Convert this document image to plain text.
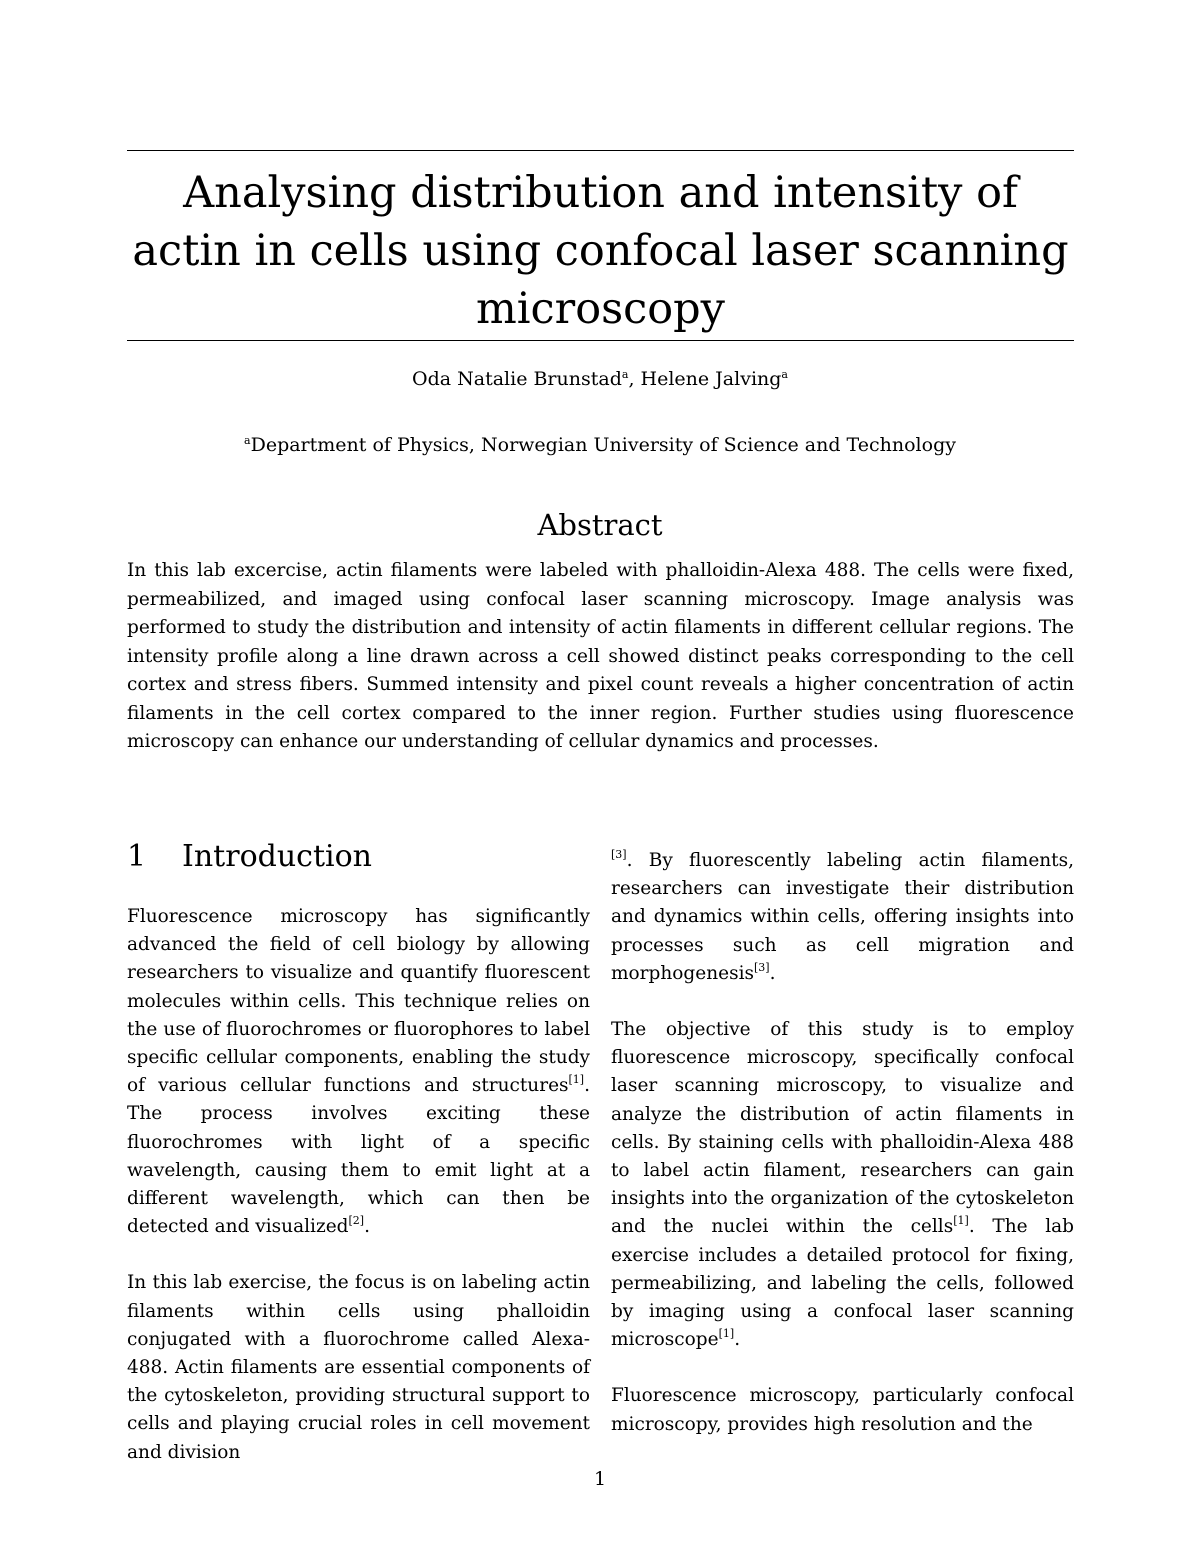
Analysing distribution and intensity of actin in cells using confocal laser scanning microscopy
Oda Natalie Brunstad$^a$, Helene Jalving$^a$
$^a$Department of Physics, Norwegian University of Science and Technology
Abstract

In this lab excercise, actin filaments were labeled with phalloidin-Alexa 488. The cells were fixed, permeabilized, and imaged using confocal laser scanning microscopy. Image analysis was performed to study the distribution and intensity of actin filaments in different cellular regions. The intensity profile along a line drawn across a cell showed distinct peaks corresponding to the cell cortex and stress fibers. Summed intensity and pixel count reveals a higher concentration of actin filaments in the cell cortex compared to the inner region. Further studies using fluorescence microscopy can enhance our understanding of cellular dynamics and processes.

1	Introduction

Fluorescence microscopy has significantly advanced the field of cell biology by allowing researchers to visualize and quantify fluorescent molecules within cells. This technique relies on the use of fluorochromes or fluorophores to label specific cellular components, enabling the study of various cellular functions and structures[1]. The process involves exciting these fluorochromes with light of a specific wavelength, causing them to emit light at a different wavelength, which can then be detected and visualized[2].

In this lab exercise, the focus is on labeling actin filaments within cells using phalloidin conjugated with a fluorochrome called Alexa-488. Actin filaments are essential components of the cytoskeleton, providing structural support to cells and playing crucial roles in cell movement and division

[3]. By fluorescently labeling actin filaments, researchers can investigate their distribution and dynamics within cells, offering insights into processes such as cell migration and morphogenesis[3].

The objective of this study is to employ fluorescence microscopy, specifically confocal laser scanning microscopy, to visualize and analyze the distribution of actin filaments in cells. By staining cells with phalloidin-Alexa 488 to label actin filament, researchers can gain insights into the organization of the cytoskeleton and the nuclei within the cells[1]. The lab exercise includes a detailed protocol for fixing, permeabilizing, and labeling the cells, followed by imaging using a confocal laser scanning microscope[1].

Fluorescence microscopy, particularly confocal microscopy, provides high resolution and the

1
